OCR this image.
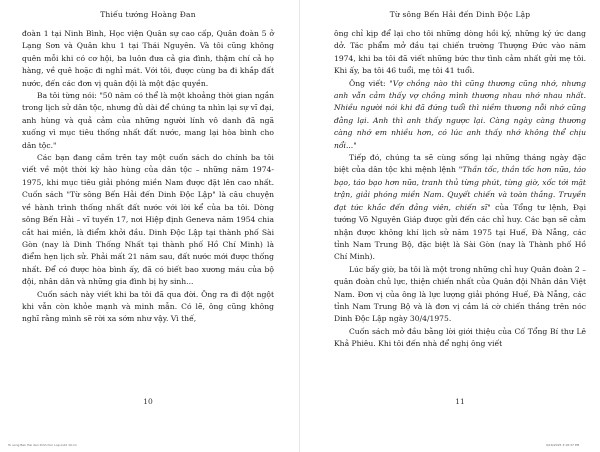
Thiếu tướng Hoàng Đan

đoàn 1 tại Ninh Bình, Học viện Quân sự cao cấp, Quân đoàn 5 ở Lạng Sơn và Quân khu 1 tại Thái Nguyên. Và tôi cũng không quên mỗi khi có cơ hội, ba luôn đưa cả gia đình, thậm chí cả họ hàng, về quê hoặc đi nghỉ mát. Với tôi, được cùng ba đi khắp đất nước, đến các đơn vị quân đội là một đặc quyền.

Ba tôi từng nói: "50 năm có thể là một khoảng thời gian ngắn trong lịch sử dân tộc, nhưng đủ dài để chúng ta nhìn lại sự vĩ đại, anh hùng và quả cảm của những người lính vô danh đã ngã xuống vì mục tiêu thống nhất đất nước, mang lại hòa bình cho dân tộc."

Các bạn đang cầm trên tay một cuốn sách do chính ba tôi viết về một thời kỳ hào hùng của dân tộc – những năm 1974-1975, khi mục tiêu giải phóng miền Nam được đặt lên cao nhất. Cuốn sách "Từ sông Bến Hải đến Dinh Độc Lập" là câu chuyện về hành trình thống nhất đất nước với lời kể của ba tôi. Dòng sông Bến Hải – vĩ tuyến 17, nơi Hiệp định Geneva năm 1954 chia cắt hai miền, là điểm khởi đầu. Dinh Độc Lập tại thành phố Sài Gòn (nay là Dinh Thống Nhất tại thành phố Hồ Chí Minh) là điểm hẹn lịch sử. Phải mất 21 năm sau, đất nước mới được thống nhất. Để có được hòa bình ấy, đã có biết bao xương máu của bộ đội, nhân dân và những gia đình bị hy sinh...

Cuốn sách này viết khi ba tôi đã qua đời. Ông ra đi đột ngột khi vẫn còn khỏe mạnh và minh mẫn. Có lẽ, ông cũng không nghĩ rằng mình sẽ rời xa sớm như vậy. Vì thế,

10
Từ sông Bến Hải đến Dinh Độc Lập

ông chỉ kịp để lại cho tôi những dòng hồi ký, những ký ức dang dở. Tác phẩm mở đầu tại chiến trường Thượng Đức vào năm 1974, khi ba tôi đã viết những bức thư tình cảm nhất gửi mẹ tôi. Khi ấy, ba tôi 46 tuổi, mẹ tôi 41 tuổi.

Ông viết: "Vợ chồng nào thì cũng thương cũng nhớ, nhưng anh vẫn cảm thấy vợ chồng mình thương nhau nhớ nhau nhất. Nhiều người nói khi đã đứng tuổi thì niềm thương nỗi nhớ cũng đằng lại. Anh thì anh thấy ngược lại. Càng ngày càng thương càng nhớ em nhiều hơn, có lúc anh thấy nhớ không thể chịu nổi..."

Tiếp đó, chúng ta sẽ cùng sống lại những tháng ngày đặc biệt của dân tộc khi mệnh lệnh "Thần tốc, thần tốc hơn nữa, táo bạo, táo bạo hơn nữa, tranh thủ từng phút, từng giờ, xốc tới mặt trận, giải phóng miền Nam. Quyết chiến và toàn thắng. Truyền đạt tức khắc đến đảng viên, chiến sĩ" của Tổng tư lệnh, Đại tướng Võ Nguyên Giáp được gửi đến các chỉ huy. Các bạn sẽ cảm nhận được không khí lịch sử năm 1975 tại Huế, Đà Nẵng, các tỉnh Nam Trung Bộ, đặc biệt là Sài Gòn (nay là Thành phố Hồ Chí Minh).

Lúc bấy giờ, ba tôi là một trong những chỉ huy Quân đoàn 2 – quân đoàn chủ lực, thiện chiến nhất của Quân đội Nhân dân Việt Nam. Đơn vị của ông là lực lượng giải phóng Huế, Đà Nẵng, các tỉnh Nam Trung Bộ và là đơn vị cắm lá cờ chiến thắng trên nóc Dinh Độc Lập ngày 30/4/1975.

Cuốn sách mở đầu bằng lời giới thiệu của Cố Tổng Bí thư Lê Khả Phiêu. Khi tôi đến nhà để nghị ông viết

11
Tu song Ben Hai den Dinh Doc Lap.indd 10-11	9/16/2025 3:18:37 PM
